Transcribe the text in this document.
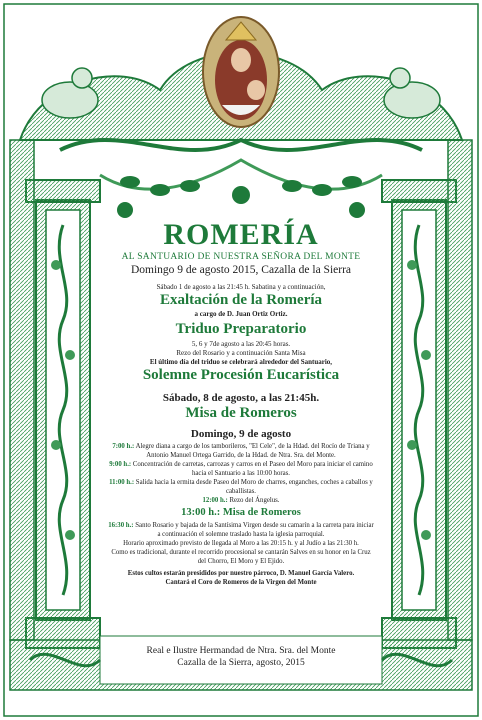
ROMERÍA
AL SANTUARIO DE NUESTRA SEÑORA DEL MONTE
Domingo 9 de agosto 2015, Cazalla de la Sierra
Sábado 1 de agosto a las 21:45 h. Sabatina y a continuación,
Exaltación de la Romería
a cargo de D. Juan Ortiz Ortiz.
Triduo Preparatorio
5, 6 y 7de agosto a las 20:45 horas.
Rezo del Rosario y a continuación Santa Misa
El último día del triduo se celebrará alrededor del Santuario,
Solemne Procesión Eucarística
Sábado, 8 de agosto, a las 21:45h.
Misa de Romeros
Domingo, 9 de agosto
7:00 h.: Alegre diana a cargo de los tamborileros, "El Cele", de la Hdad. del Rocío de Triana y Antonio Manuel Ortega Garrido, de la Hdad. de Ntra. Sra. del Monte.
9:00 h.: Concentración de carretas, carrozas y carros en el Paseo del Moro para iniciar el camino hacia el Santuario a las 10:00 horas.
11:00 h.: Salida hacia la ermita desde Paseo del Moro de charres, enganches, coches a caballos y caballistas.
12:00 h.: Rezo del Ángelus.
13:00 h.: Misa de Romeros
16:30 h.: Santo Rosario y bajada de la Santísima Virgen desde su camarín a la carreta para iniciar a continuación el solemne traslado hasta la iglesia parroquial.
Horario aproximado previsto de llegada al Moro a las 20:15 h. y al Judío a las 21:30 h.
Como es tradicional, durante el recorrido procesional se cantarán Salves en su honor en la Cruz del Chorro, El Moro y El Ejido.
Estos cultos estarán presididos por nuestro párroco, D. Manuel García Valero.
Cantará el Coro de Romeros de la Virgen del Monte
Real e Ilustre Hermandad de Ntra. Sra. del Monte
Cazalla de la Sierra, agosto, 2015
